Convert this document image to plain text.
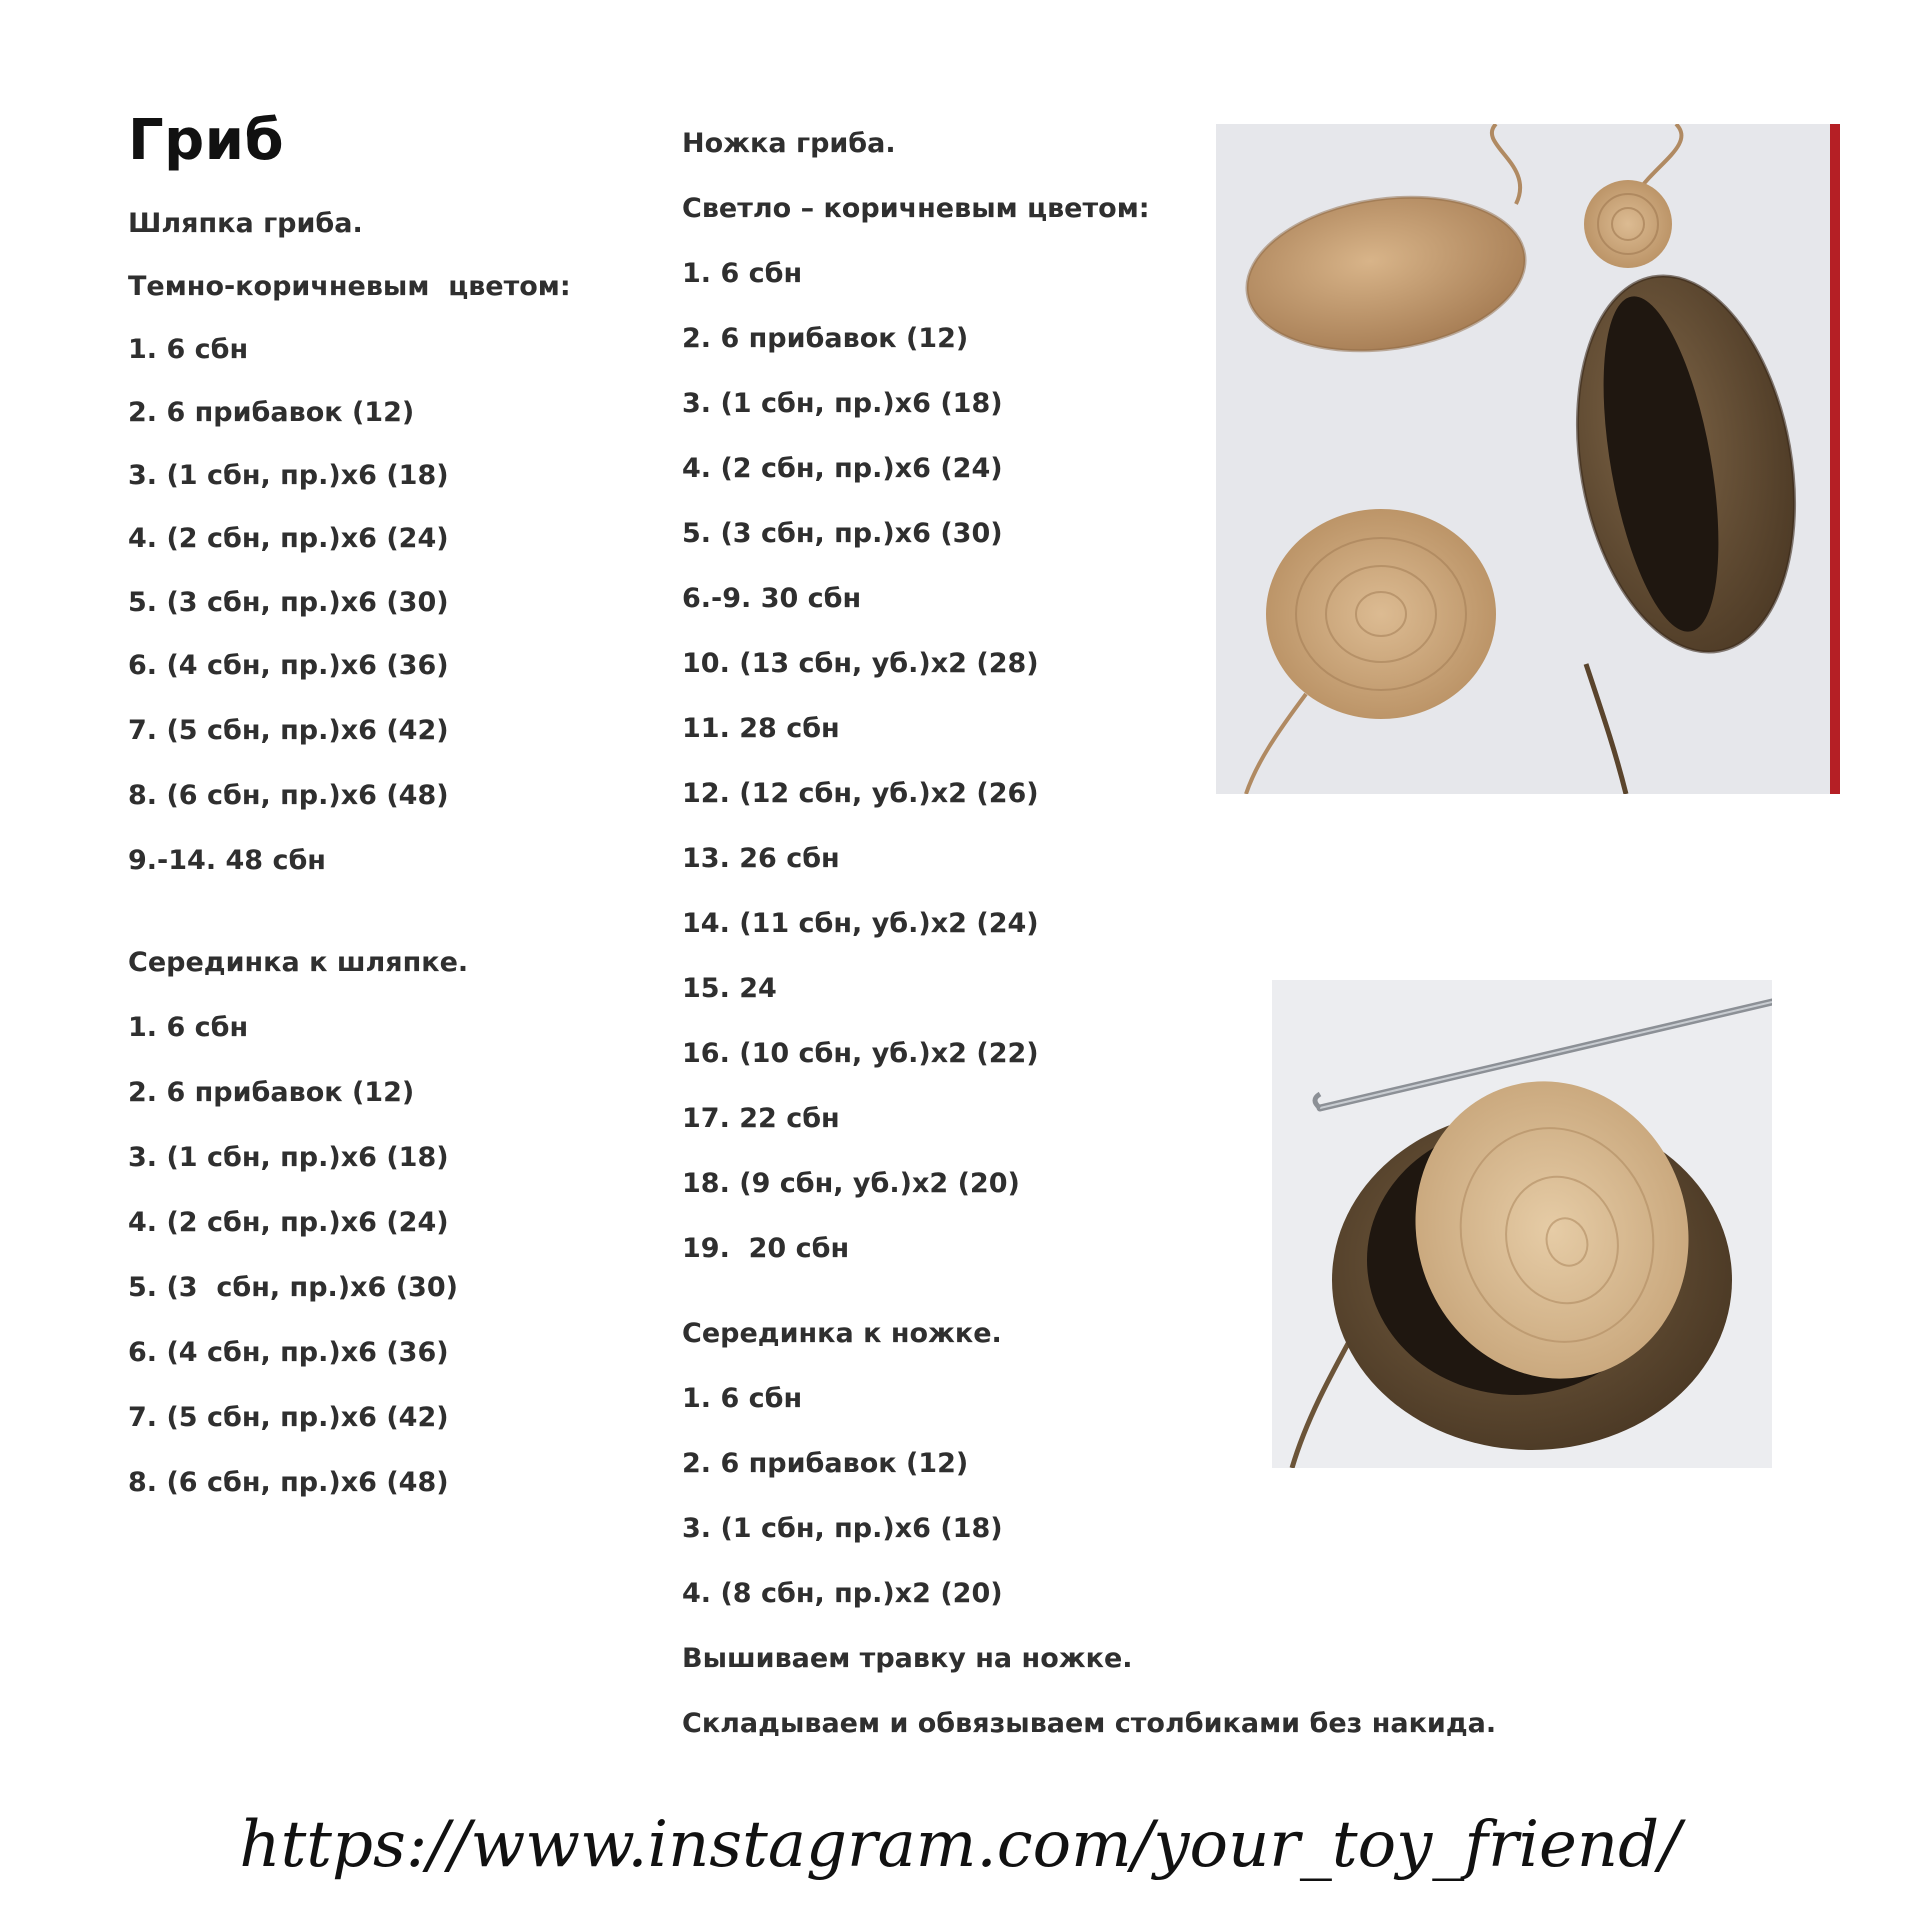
Гриб
Шляпка гриба.
Темно-коричневым  цветом:
1. 6 сбн
2. 6 прибавок (12)
3. (1 сбн, пр.)х6 (18)
4. (2 сбн, пр.)х6 (24)
5. (3 сбн, пр.)х6 (30)
6. (4 сбн, пр.)х6 (36)
7. (5 сбн, пр.)х6 (42)
8. (6 сбн, пр.)х6 (48)
9.-14. 48 сбн
Серединка к шляпке.
1. 6 сбн
2. 6 прибавок (12)
3. (1 сбн, пр.)х6 (18)
4. (2 сбн, пр.)х6 (24)
5. (3  сбн, пр.)х6 (30)
6. (4 сбн, пр.)х6 (36)
7. (5 сбн, пр.)х6 (42)
8. (6 сбн, пр.)х6 (48)
Ножка гриба.
Светло – коричневым цветом:
1. 6 сбн
2. 6 прибавок (12)
3. (1 сбн, пр.)х6 (18)
4. (2 сбн, пр.)х6 (24)
5. (3 сбн, пр.)х6 (30)
6.-9. 30 сбн
10. (13 сбн, уб.)х2 (28)
11. 28 сбн
12. (12 сбн, уб.)х2 (26)
13. 26 сбн
14. (11 сбн, уб.)х2 (24)
15. 24
16. (10 сбн, уб.)х2 (22)
17. 22 сбн
18. (9 сбн, уб.)х2 (20)
19.  20 сбн
Серединка к ножке.
1. 6 сбн
2. 6 прибавок (12)
3. (1 сбн, пр.)х6 (18)
4. (8 сбн, пр.)х2 (20)
Вышиваем травку на ножке.
Складываем и обвязываем столбиками без накида.
https://www.instagram.com/your_toy_friend/
